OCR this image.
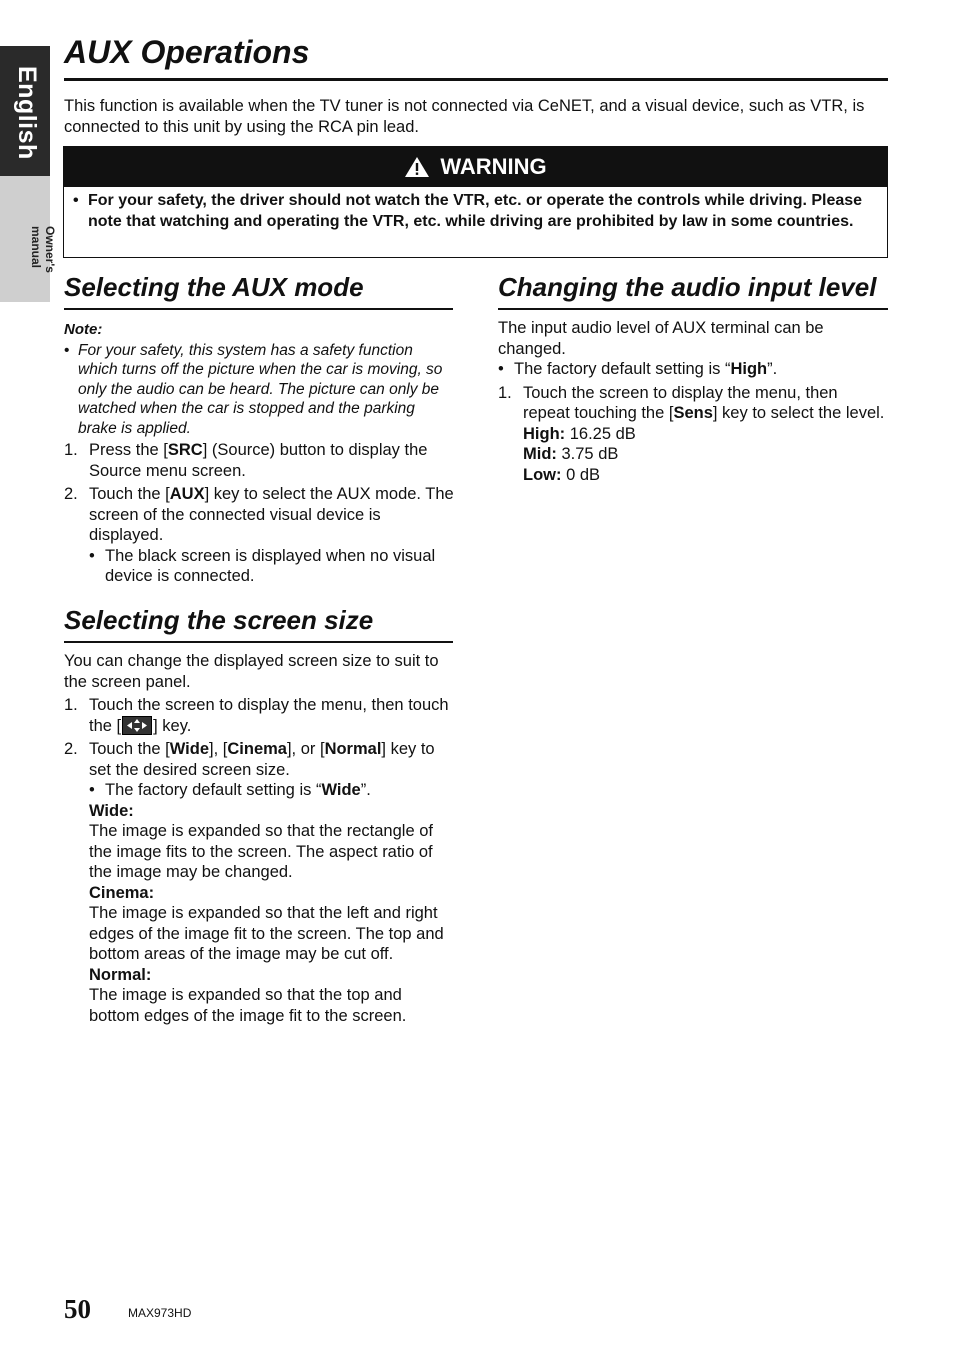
English
Owner's manual
AUX Operations

This function is available when the TV tuner is not connected via CeNET, and a visual device, such as VTR, is connected to this unit by using the RCA pin lead.

WARNING
• For your safety, the driver should not watch the VTR, etc. or operate the controls while driving. Please note that watching and operating the VTR, etc. while driving are prohibited by law in some countries.

Selecting the AUX mode

Note:

• For your safety, this system has a safety function which turns off the picture when the car is moving, so only the audio can be heard. The picture can only be watched when the car is stopped and the parking brake is applied.
1. Press the [SRC] (Source) button to display the Source menu screen.
2. Touch the [AUX] key to select the AUX mode. The screen of the connected visual device is displayed.
• The black screen is displayed when no visual device is connected.
Selecting the screen size

You can change the displayed screen size to suit to the screen panel.

1. Touch the screen to display the menu, then touch the [ ] key.
2. Touch the [Wide], [Cinema], or [Normal] key to set the desired screen size.
• The factory default setting is “Wide”.

Wide:

The image is expanded so that the rectangle of the image fits to the screen. The aspect ratio of the image may be changed.

Cinema:

The image is expanded so that the left and right edges of the image fit to the screen. The top and bottom areas of the image may be cut off.

Normal:

The image is expanded so that the top and bottom edges of the image fit to the screen.

Changing the audio input level

The input audio level of AUX terminal can be changed.

• The factory default setting is “High”.
1. Touch the screen to display the menu, then repeat touching the [Sens] key to select the level.

High: 16.25 dB

Mid: 3.75 dB

Low: 0 dB

50	MAX973HD
